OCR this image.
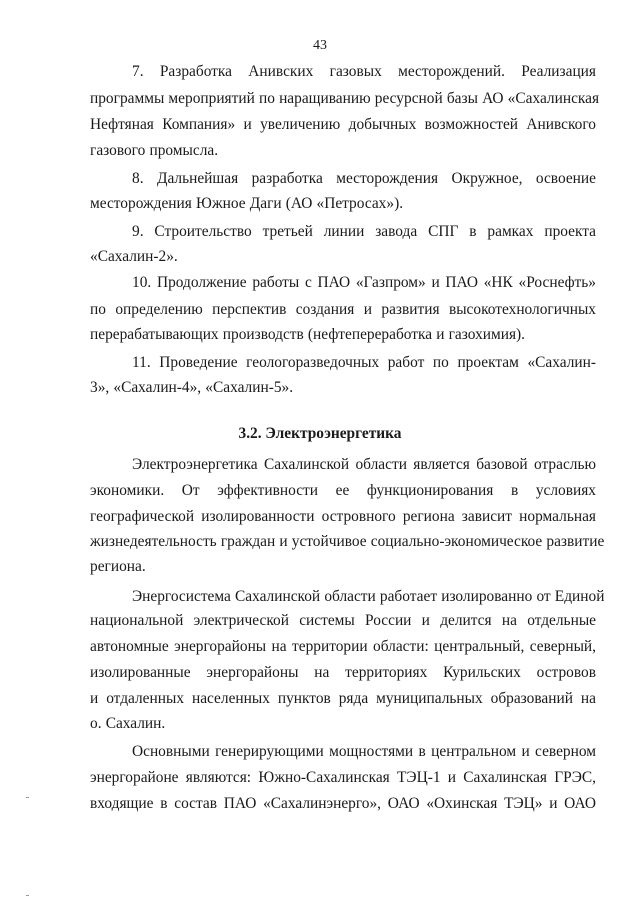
43
7. Разработка Анивских газовых месторождений. Реализация
программы мероприятий по наращиванию ресурсной базы АО «Сахалинская
Нефтяная Компания» и увеличению добычных возможностей Анивского
газового промысла.
8. Дальнейшая разработка месторождения Окружное, освоение
месторождения Южное Даги (АО «Петросах»).
9. Строительство третьей линии завода СПГ в рамках проекта
«Сахалин-2».
10. Продолжение работы с ПАО «Газпром» и ПАО «НК «Роснефть»
по определению перспектив создания и развития высокотехнологичных
перерабатывающих производств (нефтепереработка и газохимия).
11. Проведение геологоразведочных работ по проектам «Сахалин-
3», «Сахалин-4», «Сахалин-5».
3.2. Электроэнергетика
Электроэнергетика Сахалинской области является базовой отраслью
экономики. От эффективности ее функционирования в условиях
географической изолированности островного региона зависит нормальная
жизнедеятельность граждан и устойчивое социально-экономическое развитие
региона.
Энергосистема Сахалинской области работает изолированно от Единой
национальной электрической системы России и делится на отдельные
автономные энергорайоны на территории области: центральный, северный,
изолированные энергорайоны на территориях Курильских островов
и отдаленных населенных пунктов ряда муниципальных образований на
о. Сахалин.
Основными генерирующими мощностями в центральном и северном
энергорайоне являются: Южно-Сахалинская ТЭЦ-1 и Сахалинская ГРЭС,
входящие в состав ПАО «Сахалинэнерго», ОАО «Охинская ТЭЦ» и ОАО
